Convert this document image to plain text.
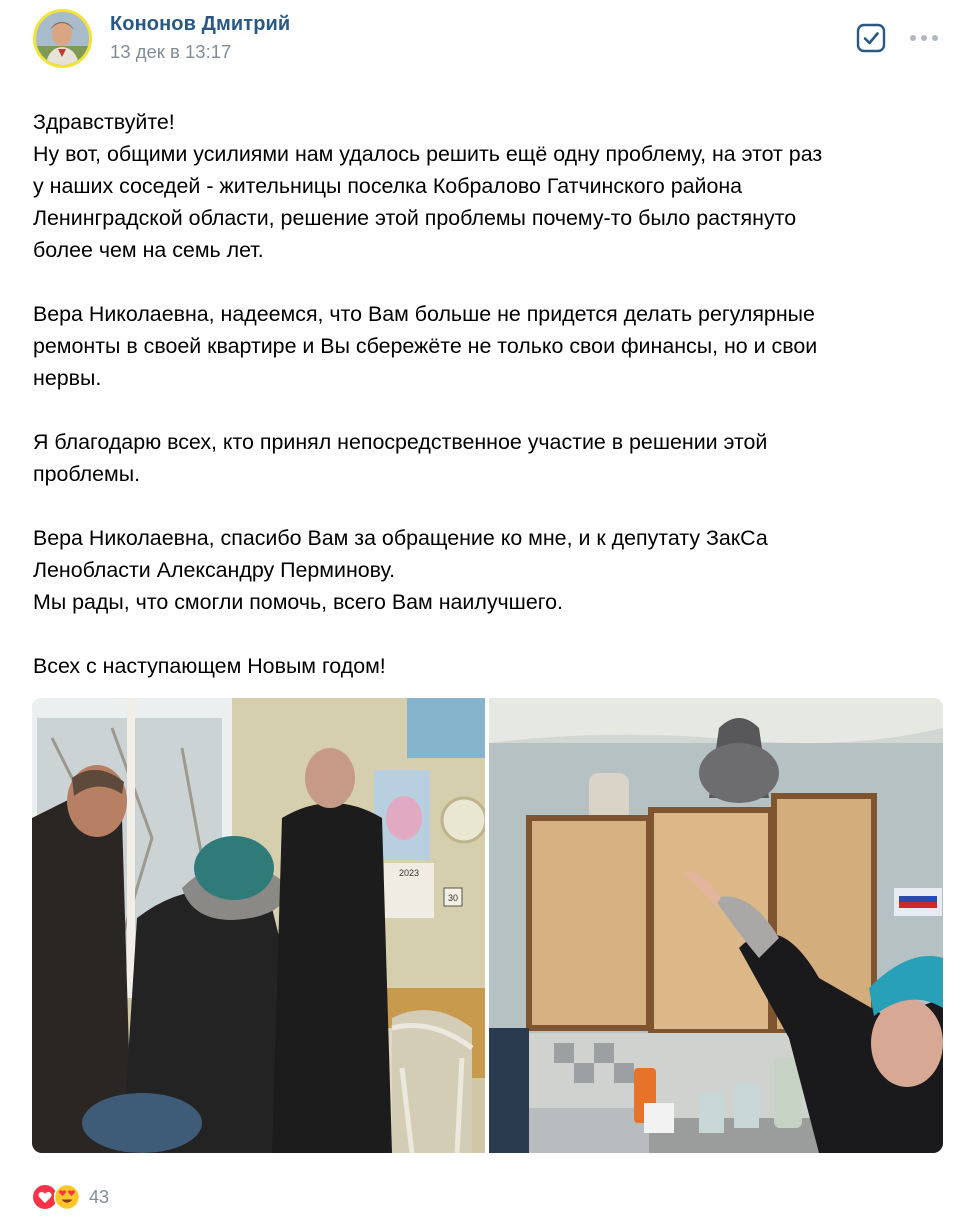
Кононов Дмитрий
13 дек в 13:17

Здравствуйте!

Ну вот, общими усилиями нам удалось решить ещё одну проблему, на этот раз

у наших соседей - жительницы поселка Кобралово Гатчинского района

Ленинградской области, решение этой проблемы почему-то было растянуто

более чем на семь лет.

Вера Николаевна, надеемся, что Вам больше не придется делать регулярные

ремонты в своей квартире и Вы сбережёте не только свои финансы, но и свои

нервы.

Я благодарю всех, кто принял непосредственное участие в решении этой

проблемы.

Вера Николаевна, спасибо Вам за обращение ко мне, и к депутату ЗакСа

Ленобласти Александру Перминову.

Мы рады, что смогли помочь, всего Вам наилучшего.

Всех с наступающем Новым годом!

2023
30
43
